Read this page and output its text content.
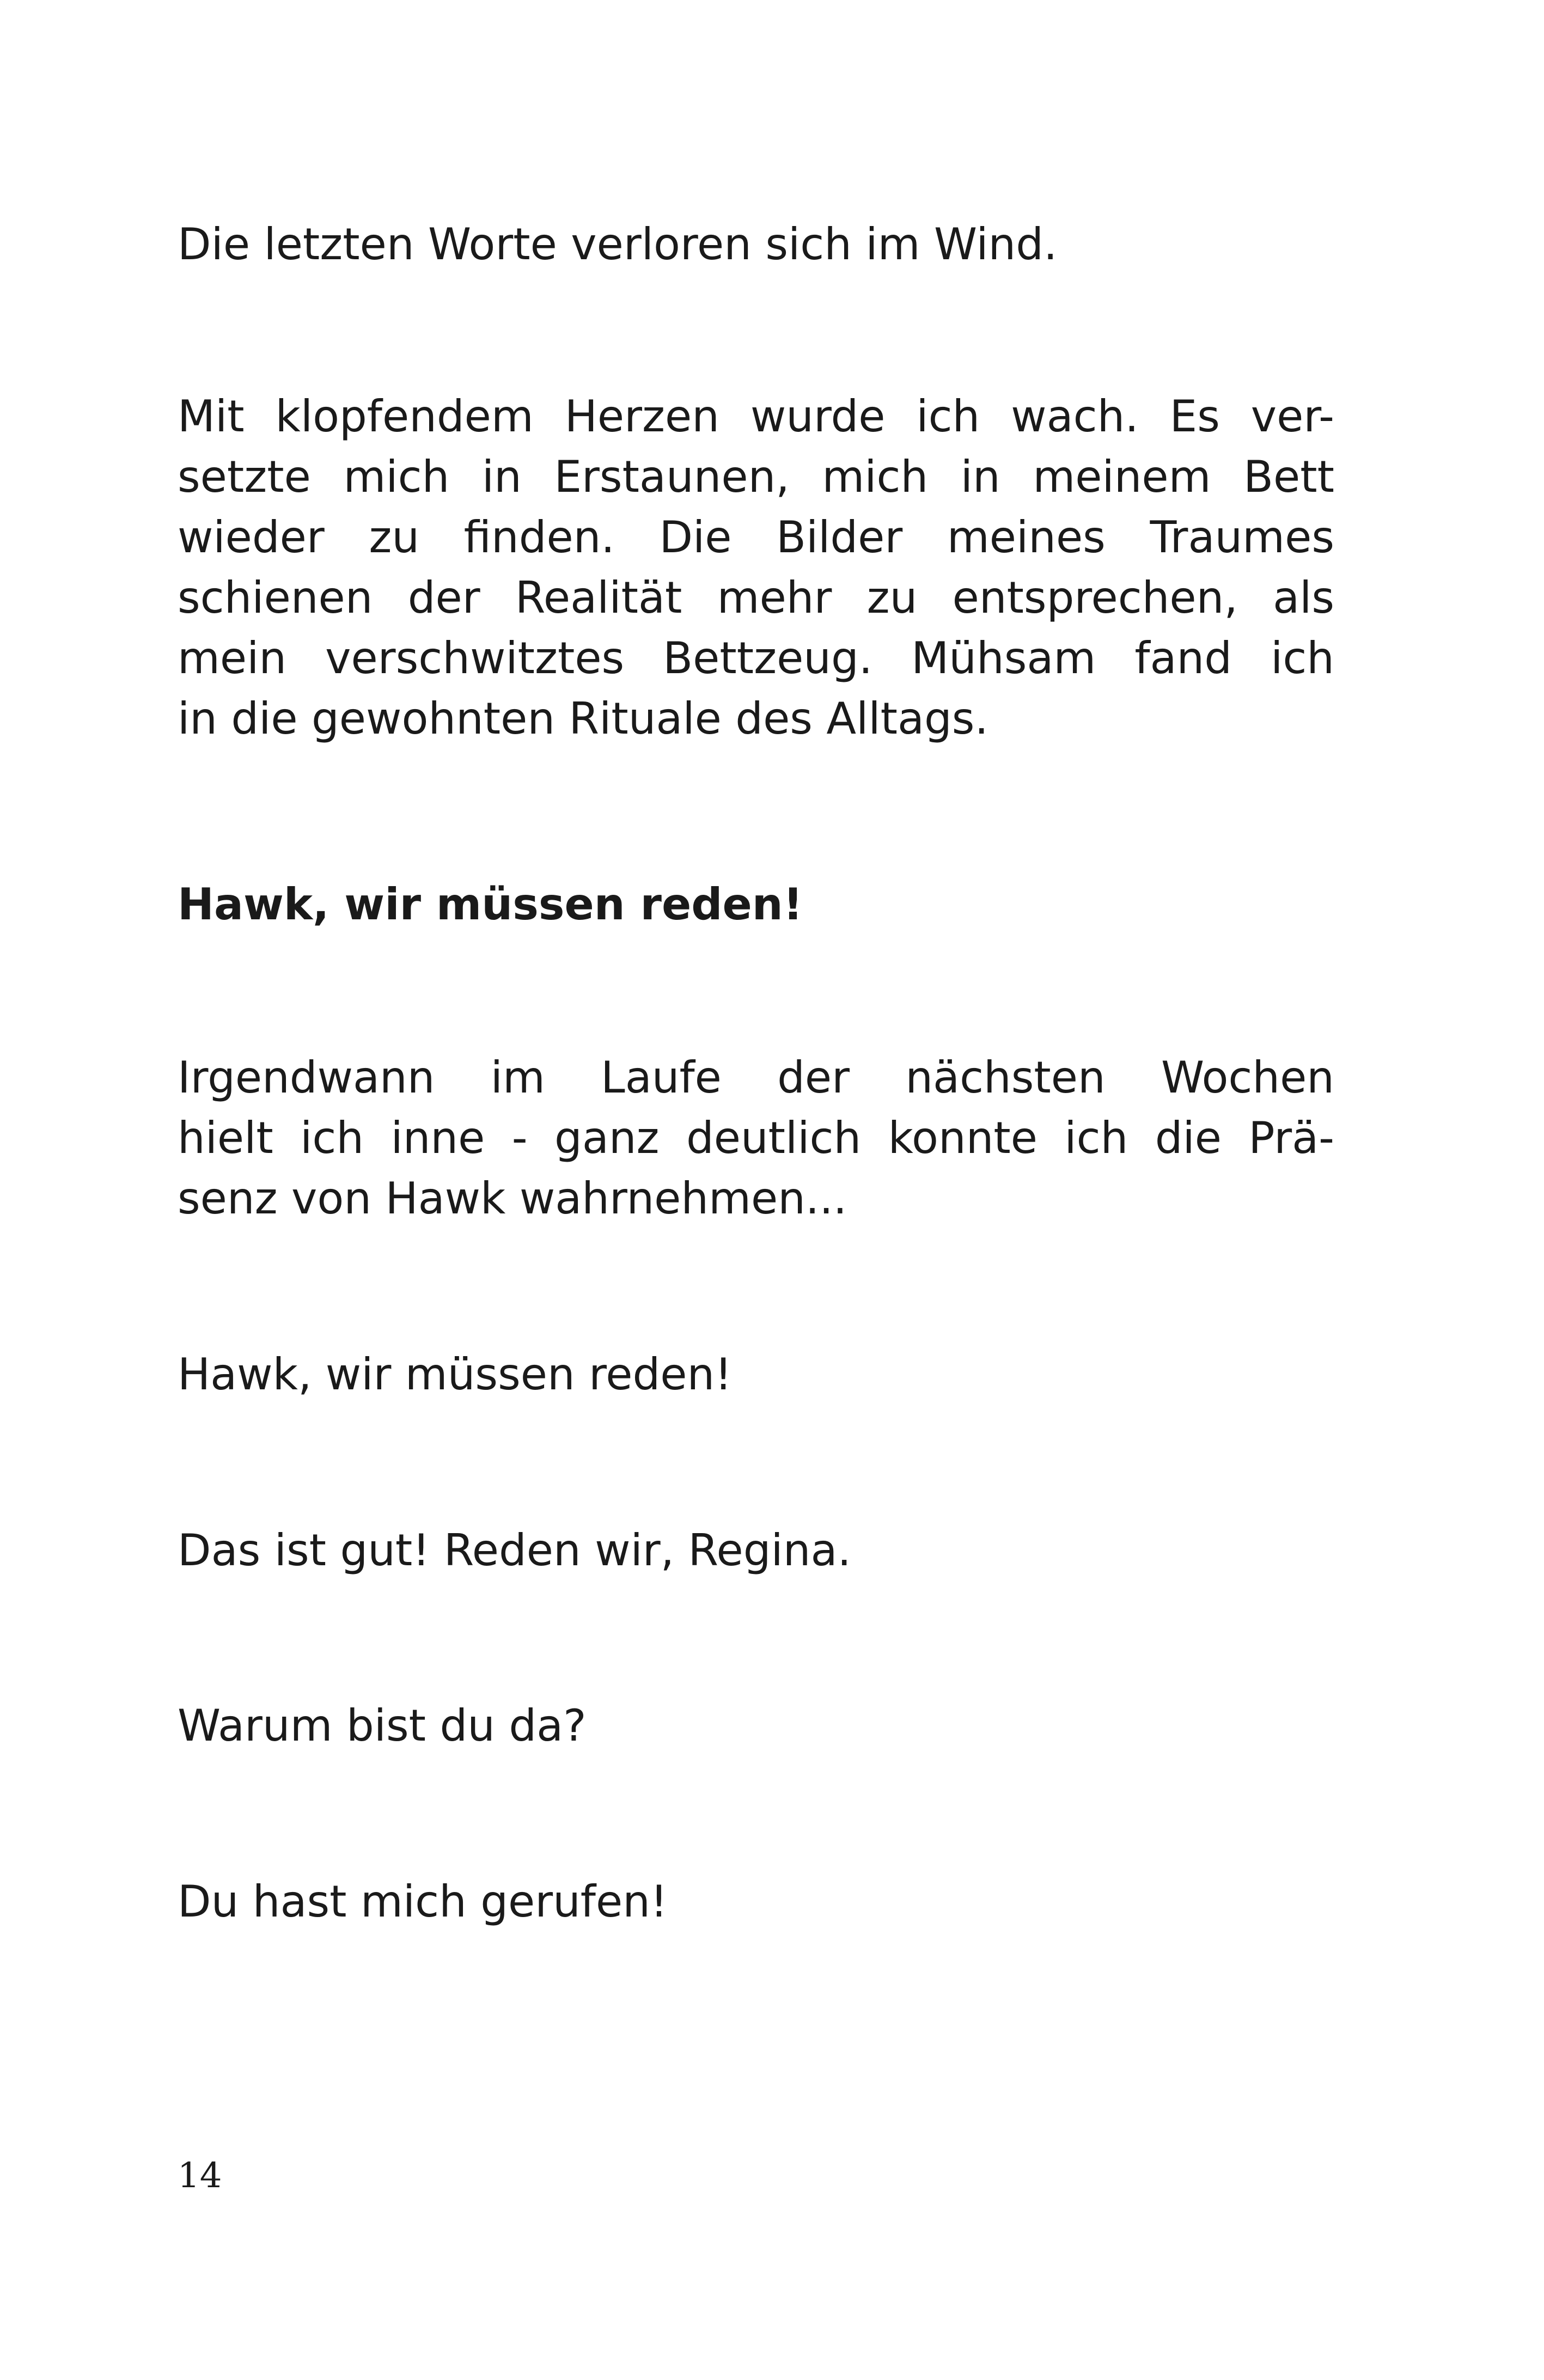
Die letzten Worte verloren sich im Wind.

Mit klopfendem Herzen wurde ich wach. Es ver-
setzte mich in Erstaunen, mich in meinem Bett
wieder zu finden. Die Bilder meines Traumes
schienen der Realität mehr zu entsprechen, als
mein verschwitztes Bettzeug. Mühsam fand ich
in die gewohnten Rituale des Alltags.
Hawk, wir müssen reden!
Irgendwann im Laufe der nächsten Wochen
hielt ich inne - ganz deutlich konnte ich die Prä-
senz von Hawk wahrnehmen...

Hawk, wir müssen reden!

Das ist gut! Reden wir, Regina.

Warum bist du da?

Du hast mich gerufen!

14
